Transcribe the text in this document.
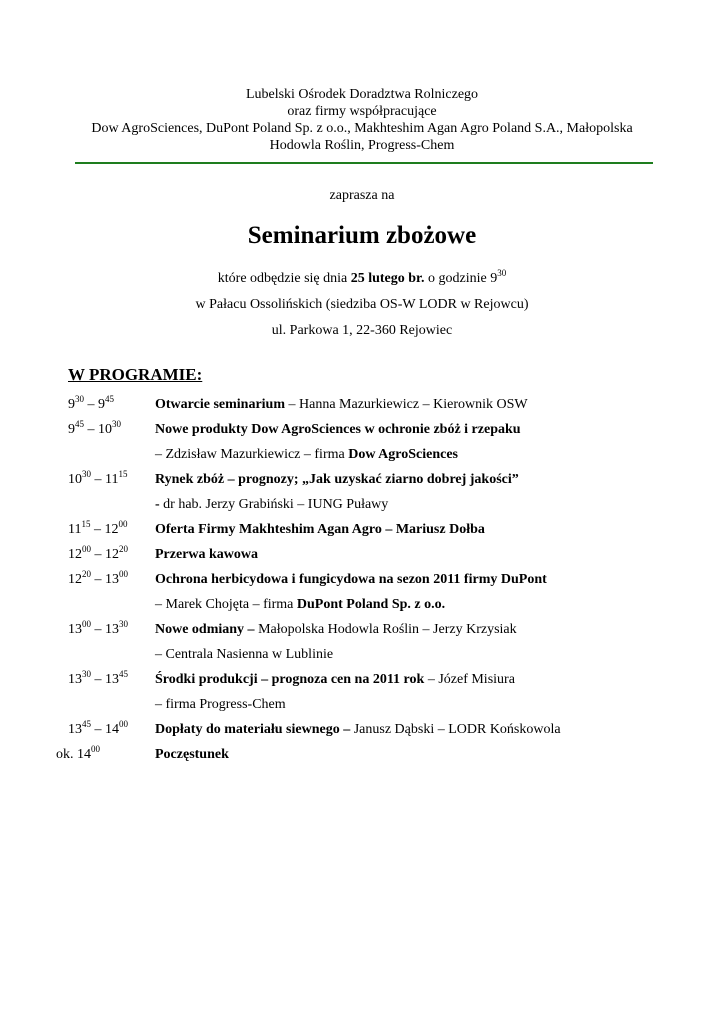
Lubelski Ośrodek Doradztwa Rolniczego
oraz firmy współpracujące
Dow AgroSciences, DuPont Poland Sp. z o.o., Makhteshim Agan Agro Poland S.A., Małopolska
Hodowla Roślin, Progress-Chem
zaprasza na
Seminarium zbożowe
które odbędzie się dnia 25 lutego br. o godzinie $9^{30}$
w Pałacu Ossolińskich (siedziba OS-W LODR w Rejowcu)
ul. Parkowa 1, 22-360 Rejowiec
W PROGRAMIE:
$9^{30} - 9^{45}$	Otwarcie seminarium – Hanna Mazurkiewicz – Kierownik OSW
$9^{45} - 10^{30}$	Nowe produkty Dow AgroSciences w ochronie zbóż i rzepaku
– Zdzisław Mazurkiewicz – firma Dow AgroSciences
$10^{30} - 11^{15}$	Rynek zbóż – prognozy; „Jak uzyskać ziarno dobrej jakości”
- dr hab. Jerzy Grabiński – IUNG Puławy
$11^{15} - 12^{00}$	Oferta Firmy Makhteshim Agan Agro – Mariusz Dołba
$12^{00} - 12^{20}$	Przerwa kawowa
$12^{20} - 13^{00}$	Ochrona herbicydowa i fungicydowa na sezon 2011 firmy DuPont
– Marek Chojęta – firma DuPont Poland Sp. z o.o.
$13^{00} - 13^{30}$	Nowe odmiany – Małopolska Hodowla Roślin – Jerzy Krzysiak
– Centrala Nasienna w Lublinie
$13^{30} - 13^{45}$	Środki produkcji – prognoza cen na 2011 rok – Józef Misiura
– firma Progress-Chem
$13^{45} - 14^{00}$	Dopłaty do materiału siewnego – Janusz Dąbski – LODR Końskowola
ok. $14^{00}$	Poczęstunek
